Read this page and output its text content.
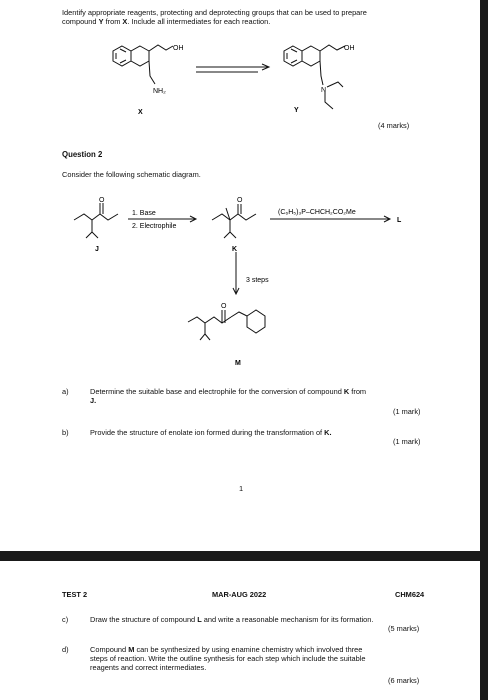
Identify appropriate reagents, protecting and deprotecting groups that can be used to prepare
compound Y from X. Include all intermediates for each reaction.
OH
NH₂
OH
N
X	Y
(4 marks)
Question 2
Consider the following schematic diagram.
O	O
O
1. Base
2. Electrophile
(C₆H₅)₃P–CHCH₂CO₂Me
J	K
L
3 steps
M
a)	Determine the suitable base and electrophile for the conversion of compound K from
J.
(1 mark)
b)	Provide the structure of enolate ion formed during the transformation of K.
(1 mark)
1
TEST 2	MAR-AUG 2022	CHM624
c)	Draw the structure of compound L and write a reasonable mechanism for its formation.
(5 marks)
d)	Compound M can be synthesized by using enamine chemistry which involved three
steps of reaction. Write the outline synthesis for each step which include the suitable
reagents and correct intermediates.
(6 marks)
